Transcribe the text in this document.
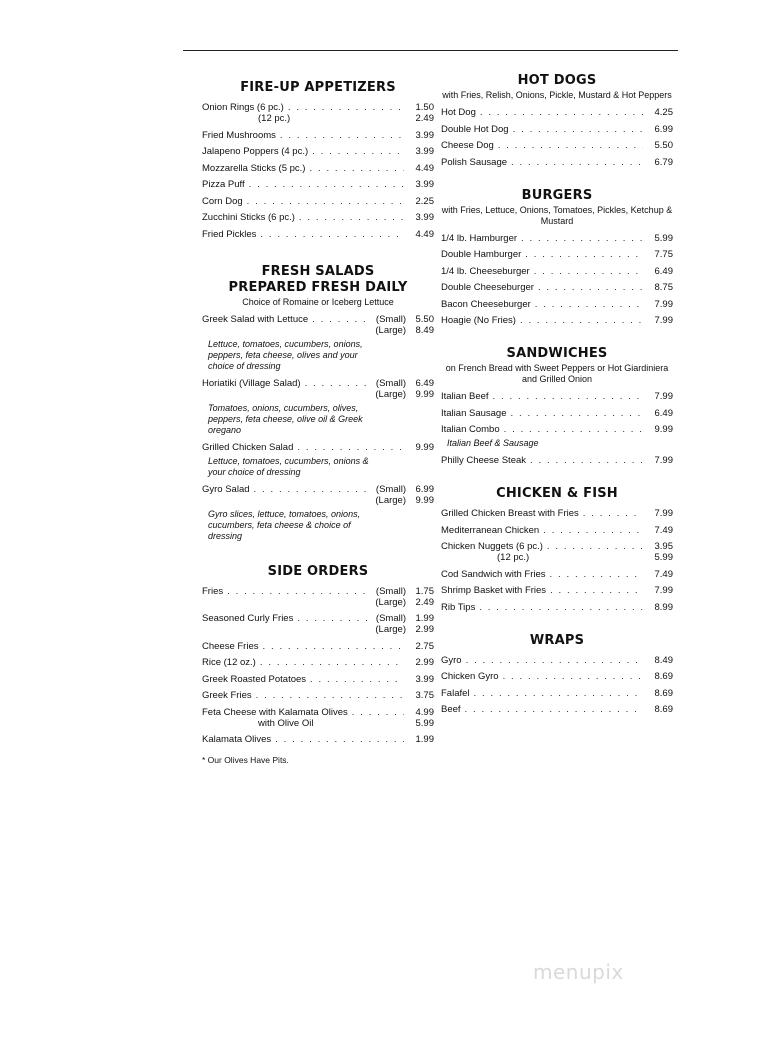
FIRE-UP APPETIZERS
Onion Rings (6 pc.) . . .	1.50
(12 pc.)	2.49
Fried Mushrooms . . .	3.99
Jalapeno Poppers (4 pc.) . . .	3.99
Mozzarella Sticks (5 pc.) . . .	4.49
Pizza Puff . . .	3.99
Corn Dog . . .	2.25
Zucchini Sticks (6 pc.) . . .	3.99
Fried Pickles . . .	4.49
FRESH SALADS PREPARED FRESH DAILY
Choice of Romaine or Iceberg Lettuce
Greek Salad with Lettuce . . .	(Small)	5.50
(Large)	8.49
Lettuce, tomatoes, cucumbers, onions, peppers, feta cheese, olives and your choice of dressing
Horiatiki (Village Salad) . . .	(Small)	6.49
(Large)	9.99
Tomatoes, onions, cucumbers, olives, peppers, feta cheese, olive oil & Greek oregano
Grilled Chicken Salad . . .	9.99
Lettuce, tomatoes, cucumbers, onions & your choice of dressing
Gyro Salad . . .	(Small)	6.99
(Large)	9.99
Gyro slices, lettuce, tomatoes, onions, cucumbers, feta cheese & choice of dressing
SIDE ORDERS
Fries . . .	(Small)	1.75
(Large)	2.49
Seasoned Curly Fries . . .	(Small)	1.99
(Large)	2.99
Cheese Fries . . .	2.75
Rice (12 oz.) . . .	2.99
Greek Roasted Potatoes . . .	3.99
Greek Fries . . .	3.75
Feta Cheese with Kalamata Olives . . .	4.99
with Olive Oil	5.99
Kalamata Olives . . .	1.99
* Our Olives Have Pits.
HOT DOGS
with Fries, Relish, Onions, Pickle, Mustard & Hot Peppers
Hot Dog . . .	4.25
Double Hot Dog . . .	6.99
Cheese Dog . . .	5.50
Polish Sausage . . .	6.79
BURGERS
with Fries, Lettuce, Onions, Tomatoes, Pickles, Ketchup & Mustard
1/4 lb. Hamburger . . .	5.99
Double Hamburger . . .	7.75
1/4 lb. Cheeseburger . . .	6.49
Double Cheeseburger . . .	8.75
Bacon Cheeseburger . . .	7.99
Hoagie (No Fries) . . .	7.99
SANDWICHES
on French Bread with Sweet Peppers or Hot Giardiniera and Grilled Onion
Italian Beef . . .	7.99
Italian Sausage . . .	6.49
Italian Combo . . .	9.99
Italian Beef & Sausage
Philly Cheese Steak . . .	7.99
CHICKEN & FISH
Grilled Chicken Breast with Fries . . .	7.99
Mediterranean Chicken . . .	7.49
Chicken Nuggets (6 pc.) . . .	3.95
(12 pc.)	5.99
Cod Sandwich with Fries . . .	7.49
Shrimp Basket with Fries . . .	7.99
Rib Tips . . .	8.99
WRAPS
Gyro . . .	8.49
Chicken Gyro . . .	8.69
Falafel . . .	8.69
Beef . . .	8.69
menupix
